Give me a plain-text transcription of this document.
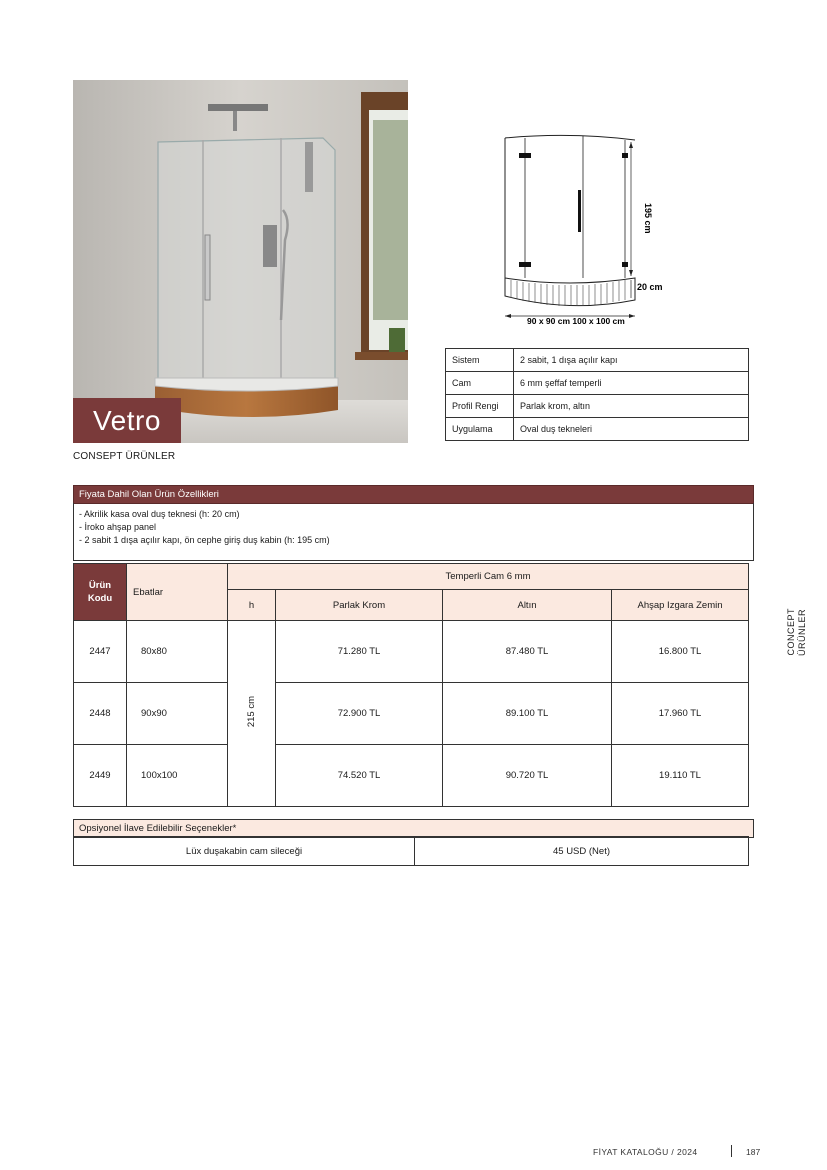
Vetro
CONSEPT ÜRÜNLER
195 cm
20 cm
90 x 90 cm 100 x 100 cm
Sistem	2 sabit, 1 dışa açılır kapı
Cam	6 mm şeffaf temperli
Profil Rengi	Parlak krom, altın
Uygulama	Oval duş tekneleri
Fiyata Dahil Olan Ürün Özellikleri
- Akrilik kasa oval duş teknesi (h: 20 cm)
- İroko ahşap panel
- 2 sabit 1 dışa açılır kapı, ön cephe giriş duş kabin (h: 195 cm)
Ürün
Kodu	Ebatlar	Temperli Cam 6 mm			
		h	Parlak Krom	Altın	Ahşap Izgara Zemin
2447	80x80	215 cm	71.280 TL	87.480 TL	16.800 TL
2448	90x90		72.900 TL	89.100 TL	17.960 TL
2449	100x100		74.520 TL	90.720 TL	19.110 TL
Opsiyonel İlave Edilebilir Seçenekler*
Lüx duşakabin cam sileceği	45 USD (Net)
CONCEPTÜRÜNLER
FİYAT KATALOĞU / 2024	187
